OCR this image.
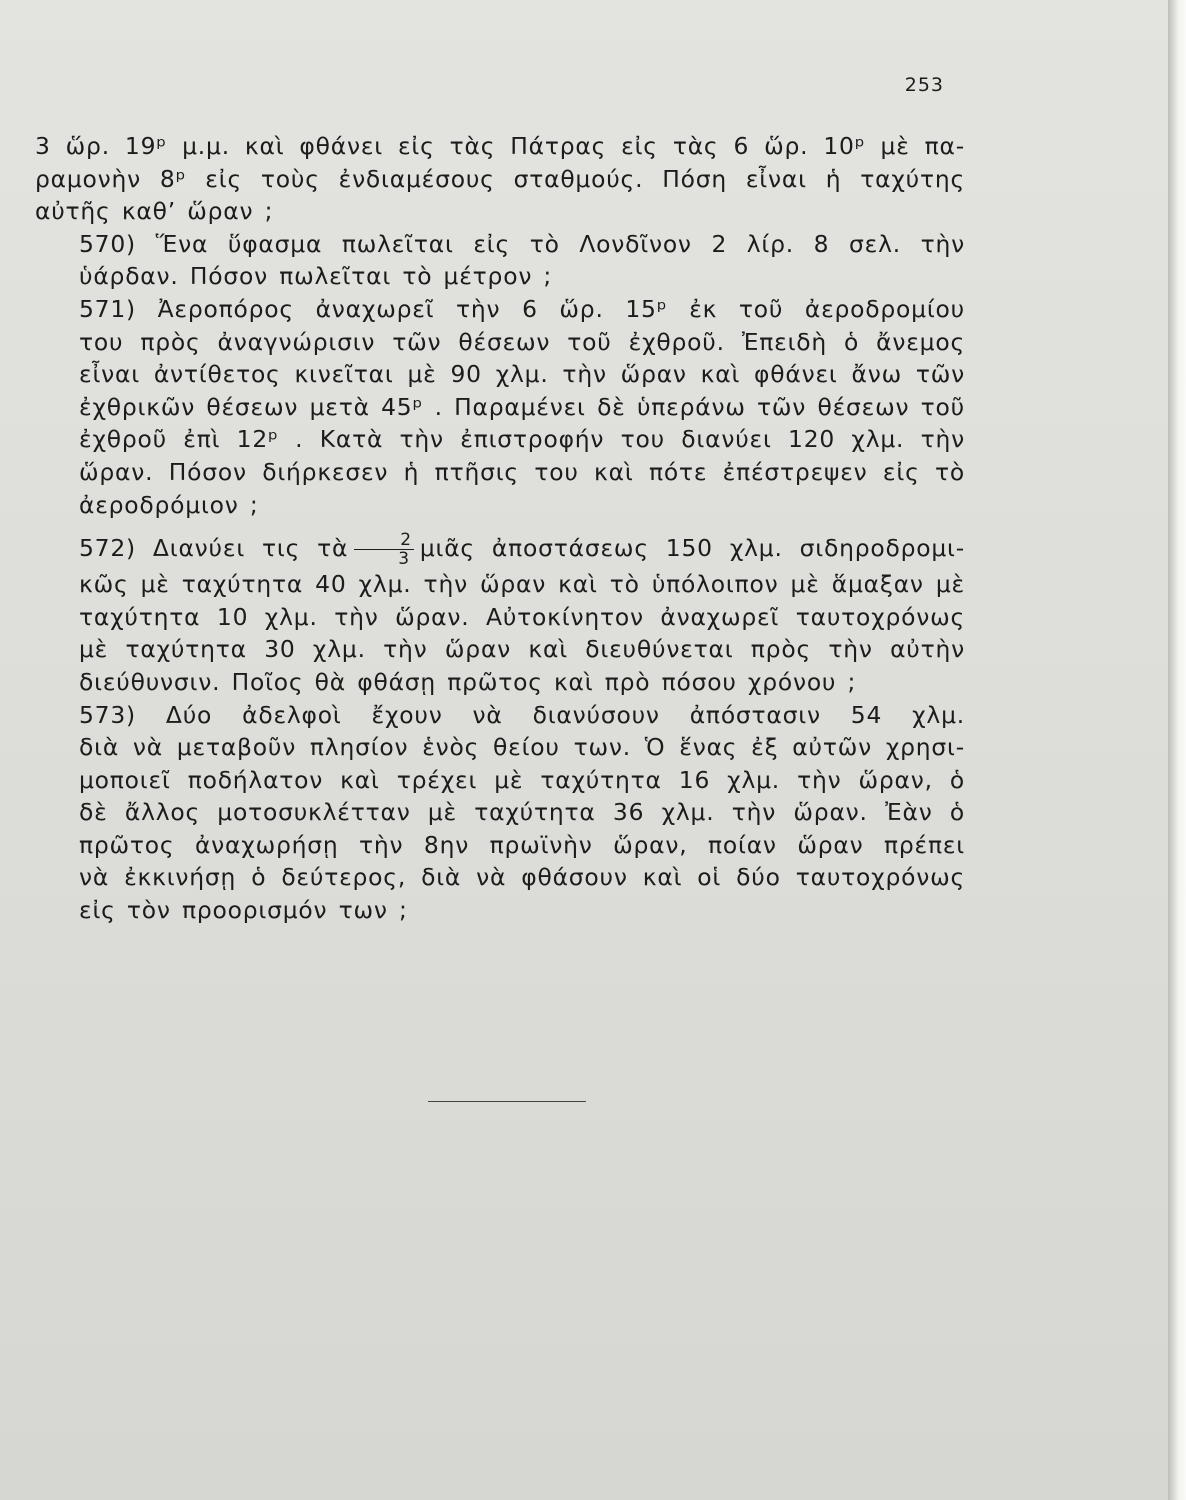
253

3 ὥρ. 19ᵖ μ.μ. καὶ φθάνει εἰς τὰς Πάτρας εἰς τὰς 6 ὥρ. 10ᵖ μὲ πα-
ραμονὴν 8ᵖ εἰς τοὺς ἐνδιαμέσους σταθμούς. Πόση εἶναι ἡ ταχύτης
αὐτῆς καθ’ ὥραν ;

570) Ἕνα ὕφασμα πωλεῖται εἰς τὸ Λονδῖνον 2 λίρ. 8 σελ. τὴν
ὑάρδαν. Πόσον πωλεῖται τὸ μέτρον ;

571) Ἀεροπόρος ἀναχωρεῖ τὴν 6 ὥρ. 15ᵖ ἐκ τοῦ ἀεροδρομίου
του πρὸς ἀναγνώρισιν τῶν θέσεων τοῦ ἐχθροῦ. Ἐπειδὴ ὁ ἄνεμος
εἶναι ἀντίθετος κινεῖται μὲ 90 χλμ. τὴν ὥραν καὶ φθάνει ἄνω τῶν
ἐχθρικῶν θέσεων μετὰ 45ᵖ . Παραμένει δὲ ὑπεράνω τῶν θέσεων τοῦ
ἐχθροῦ ἐπὶ 12ᵖ . Κατὰ τὴν ἐπιστροφήν του διανύει 120 χλμ. τὴν
ὥραν. Πόσον διήρκεσεν ἡ πτῆσις του καὶ πότε ἐπέστρεψεν εἰς τὸ
ἀεροδρόμιον ;

572) Διανύει τις τὰ $\frac{2}{3}$ μιᾶς ἀποστάσεως 150 χλμ. σιδηροδρομι-
κῶς μὲ ταχύτητα 40 χλμ. τὴν ὥραν καὶ τὸ ὑπόλοιπον μὲ ἅμαξαν μὲ
ταχύτητα 10 χλμ. τὴν ὥραν. Αὐτοκίνητον ἀναχωρεῖ ταυτοχρόνως
μὲ ταχύτητα 30 χλμ. τὴν ὥραν καὶ διευθύνεται πρὸς τὴν αὐτὴν
διεύθυνσιν. Ποῖος θὰ φθάσῃ πρῶτος καὶ πρὸ πόσου χρόνου ;

573) Δύο ἀδελφοὶ ἔχουν νὰ διανύσουν ἀπόστασιν 54 χλμ.
διὰ νὰ μεταβοῦν πλησίον ἑνὸς θείου των. Ὁ ἕνας ἐξ αὐτῶν χρησι-
μοποιεῖ ποδήλατον καὶ τρέχει μὲ ταχύτητα 16 χλμ. τὴν ὥραν, ὁ
δὲ ἄλλος μοτοσυκλέτταν μὲ ταχύτητα 36 χλμ. τὴν ὥραν. Ἐὰν ὁ
πρῶτος ἀναχωρήσῃ τὴν 8ην πρωϊνὴν ὥραν, ποίαν ὥραν πρέπει
νὰ ἐκκινήσῃ ὁ δεύτερος, διὰ νὰ φθάσουν καὶ οἱ δύο ταυτοχρόνως
εἰς τὸν προορισμόν των ;
